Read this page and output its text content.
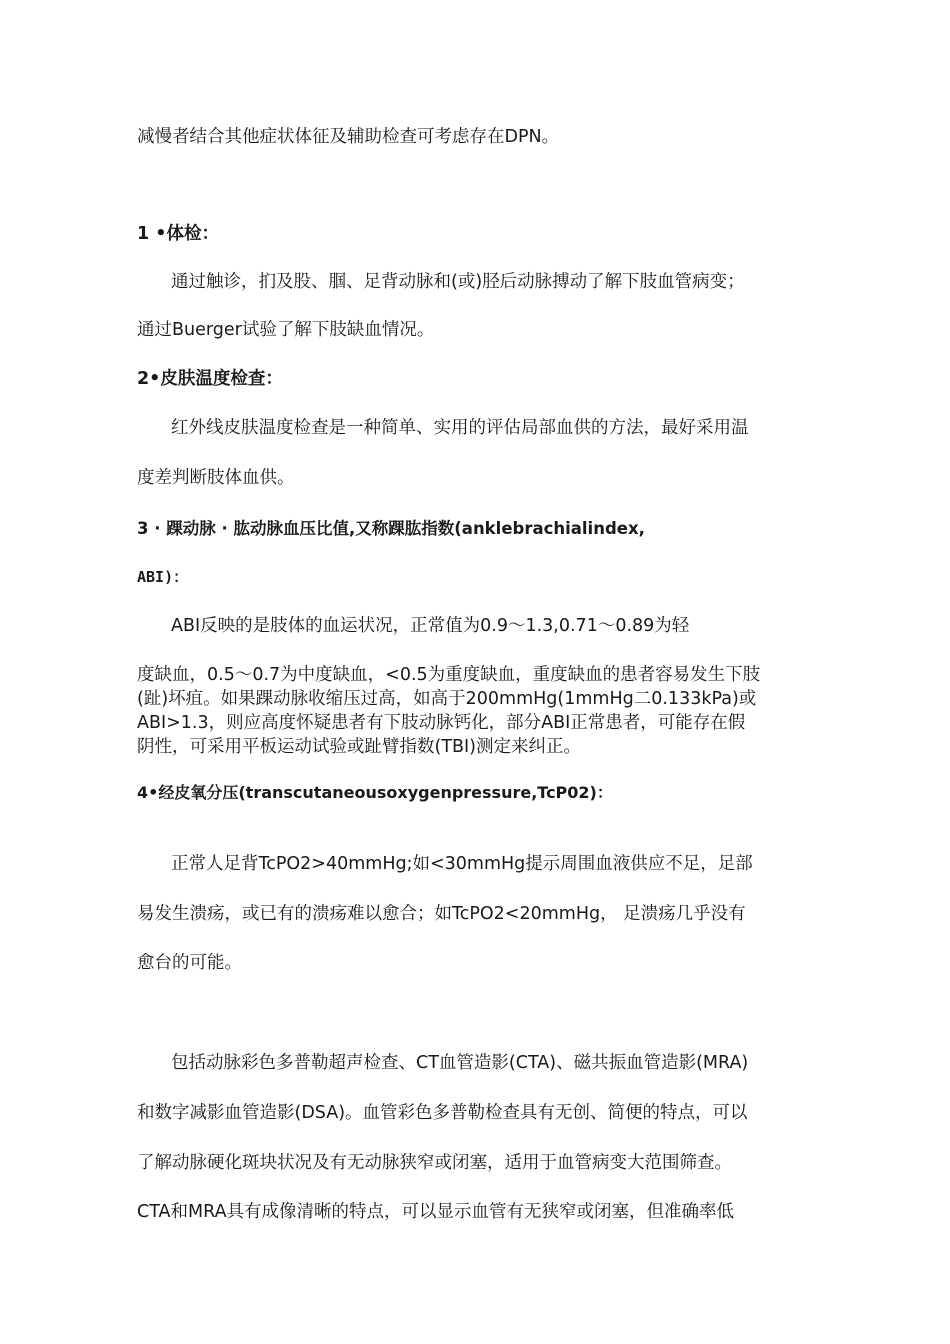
减慢者结合其他症状体征及辅助检查可考虑存在DPN。

1 •体检：

通过触诊，扪及股、腘、足背动脉和(或)胫后动脉搏动了解下肢血管病变；

通过Buerger试验了解下肢缺血情况。

2•皮肤温度检查：

红外线皮肤温度检查是一种简单、实用的评估局部血供的方法，最好采用温

度差判断肢体血供。

3 · 踝动脉 · 肱动脉血压比值,又称踝肱指数(anklebrachialindex,

ABI)：

ABI反映的是肢体的血运状况，正常值为0.9〜1.3,0.71〜0.89为轻

度缺血，0.5〜0.7为中度缺血，<0.5为重度缺血，重度缺血的患者容易发生下肢

(趾)坏疽。如果踝动脉收缩压过高，如高于200mmHg(1mmHg二0.133kPa)或

ABI>1.3，则应高度怀疑患者有下肢动脉钙化，部分ABI正常患者，可能存在假

阴性，可采用平板运动试验或趾臂指数(TBI)测定来纠正。

4•经皮氧分压(transcutaneousoxygenpressure,TcP02)：

正常人足背TcPO2>40mmHg;如<30mmHg提示周围血液供应不足，足部

易发生溃疡，或已有的溃疡难以愈合；如TcPO2<20mmHg， 足溃疡几乎没有

愈台的可能。

包括动脉彩色多普勒超声检查、CT血管造影(CTA)、磁共振血管造影(MRA)

和数字减影血管造影(DSA)。血管彩色多普勒检查具有无创、简便的特点，可以

了解动脉硬化斑块状况及有无动脉狭窄或闭塞，适用于血管病变大范围筛查。

CTA和MRA具有成像清晰的特点，可以显示血管有无狭窄或闭塞，但准确率低
